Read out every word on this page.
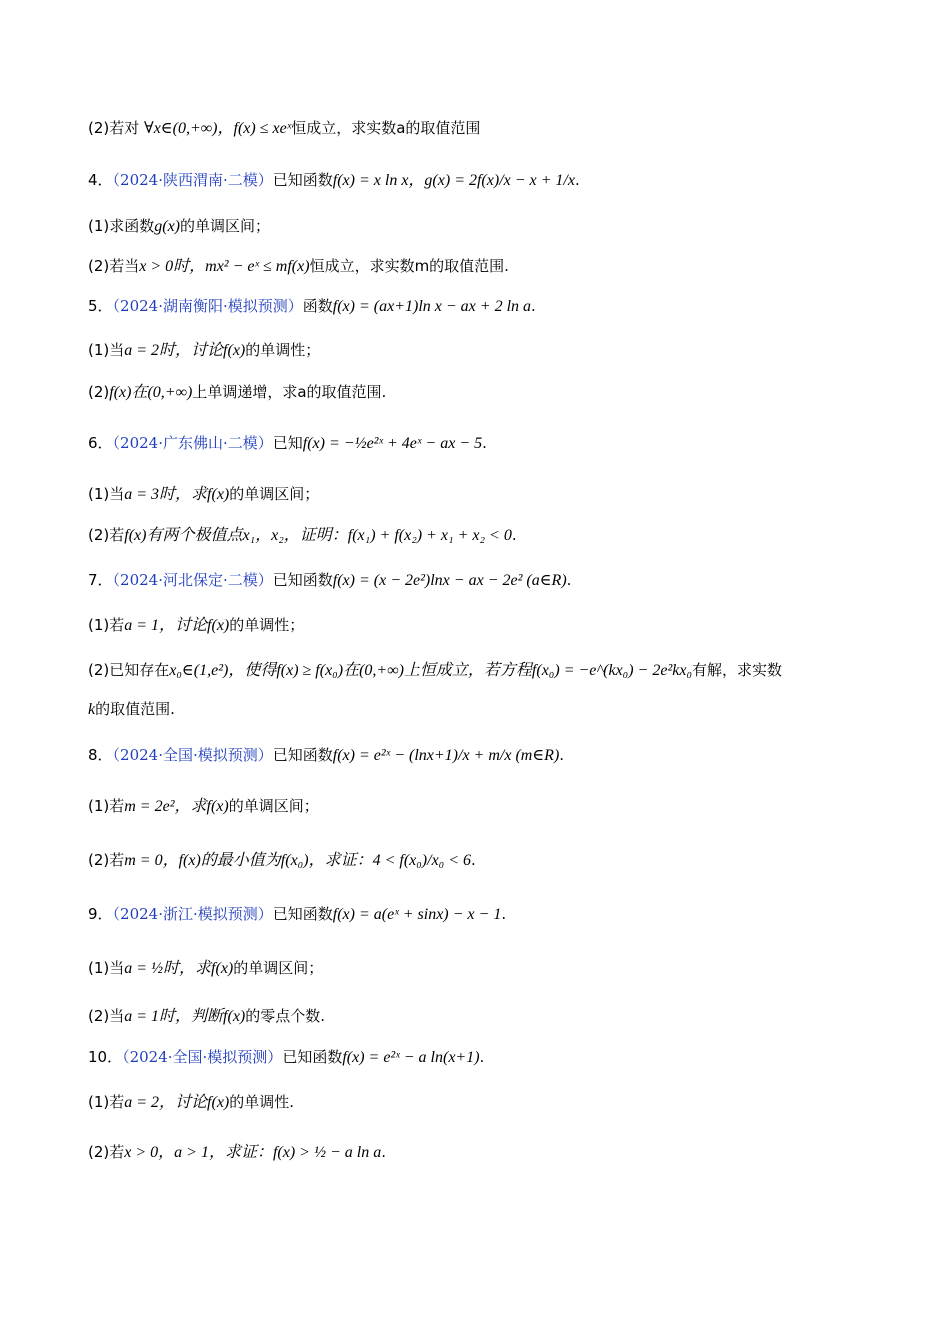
(2)若对 ∀x∈(0,+∞)，f(x) ≤ xeˣ恒成立，求实数a的取值范围
4．（2024·陕西渭南·二模）已知函数f(x) = x ln x，g(x) = 2f(x)/x − x + 1/x.
(1)求函数g(x)的单调区间；
(2)若当x > 0时，mx² − eˣ ≤ mf(x)恒成立，求实数m的取值范围.
5．（2024·湖南衡阳·模拟预测）函数f(x) = (ax+1)ln x − ax + 2 ln a.
(1)当a = 2时，讨论f(x)的单调性；
(2)f(x)在(0,+∞)上单调递增，求a的取值范围.
6．（2024·广东佛山·二模）已知f(x) = −½e²ˣ + 4eˣ − ax − 5.
(1)当a = 3时，求f(x)的单调区间；
(2)若f(x)有两个极值点x₁，x₂，证明：f(x₁) + f(x₂) + x₁ + x₂ < 0.
7．（2024·河北保定·二模）已知函数f(x) = (x − 2e²)lnx − ax − 2e² (a∈R).
(1)若a = 1，讨论f(x)的单调性；
(2)已知存在x₀∈(1,e²)，使得f(x) ≥ f(x₀)在(0,+∞)上恒成立，若方程f(x₀) = −e^(kx₀) − 2e²kx₀有解，求实数
k的取值范围.
8．（2024·全国·模拟预测）已知函数f(x) = e²ˣ − (lnx+1)/x + m/x (m∈R).
(1)若m = 2e²，求f(x)的单调区间；
(2)若m = 0，f(x)的最小值为f(x₀)，求证：4 < f(x₀)/x₀ < 6.
9．（2024·浙江·模拟预测）已知函数f(x) = a(eˣ + sinx) − x − 1.
(1)当a = ½时，求f(x)的单调区间；
(2)当a = 1时，判断f(x)的零点个数.
10．（2024·全国·模拟预测）已知函数f(x) = e²ˣ − a ln(x+1).
(1)若a = 2，讨论f(x)的单调性.
(2)若x > 0，a > 1，求证：f(x) > ½ − a ln a.
